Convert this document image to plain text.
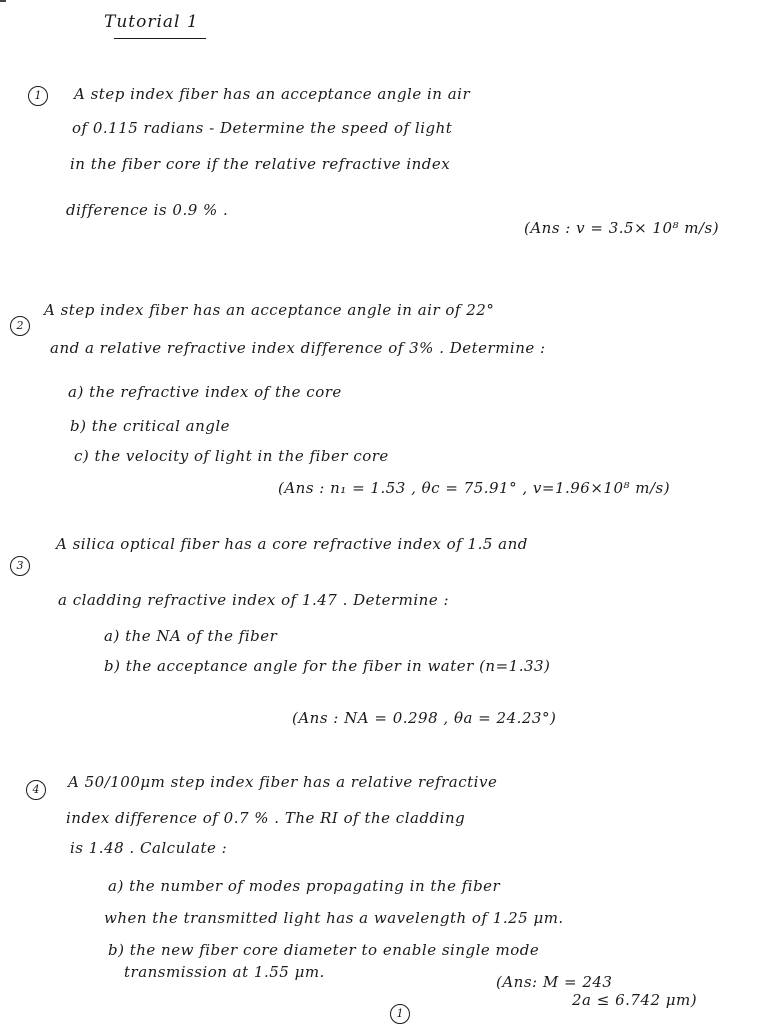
Tutorial 1
1	A step index fiber has an acceptance angle in air
of 0.115 radians - Determine the speed of light
in the fiber core if the relative refractive index
difference is 0.9 % .
(Ans : v = 3.5× 10⁸ m/s)
2
A step index fiber has an acceptance angle in air of 22°
and a relative refractive index difference of 3% . Determine :
a) the refractive index of the core
b) the critical angle
c) the velocity of light in the fiber core
(Ans : n₁ = 1.53 , θc = 75.91° , v=1.96×10⁸ m/s)
3
A silica optical fiber has a core refractive index of 1.5 and
a cladding refractive index of 1.47 . Determine :
a) the NA of the fiber
b) the acceptance angle for the fiber in water (n=1.33)
(Ans : NA = 0.298 , θa = 24.23°)
4	A 50/100μm step index fiber has a relative refractive
index difference of 0.7 % . The RI of the cladding
is 1.48 . Calculate :
a) the number of modes propagating in the fiber
when the transmitted light has a wavelength of 1.25 μm.
b) the new fiber core diameter to enable single mode
transmission at 1.55 μm.
(Ans: M = 243
2a ≤ 6.742 μm)
1
